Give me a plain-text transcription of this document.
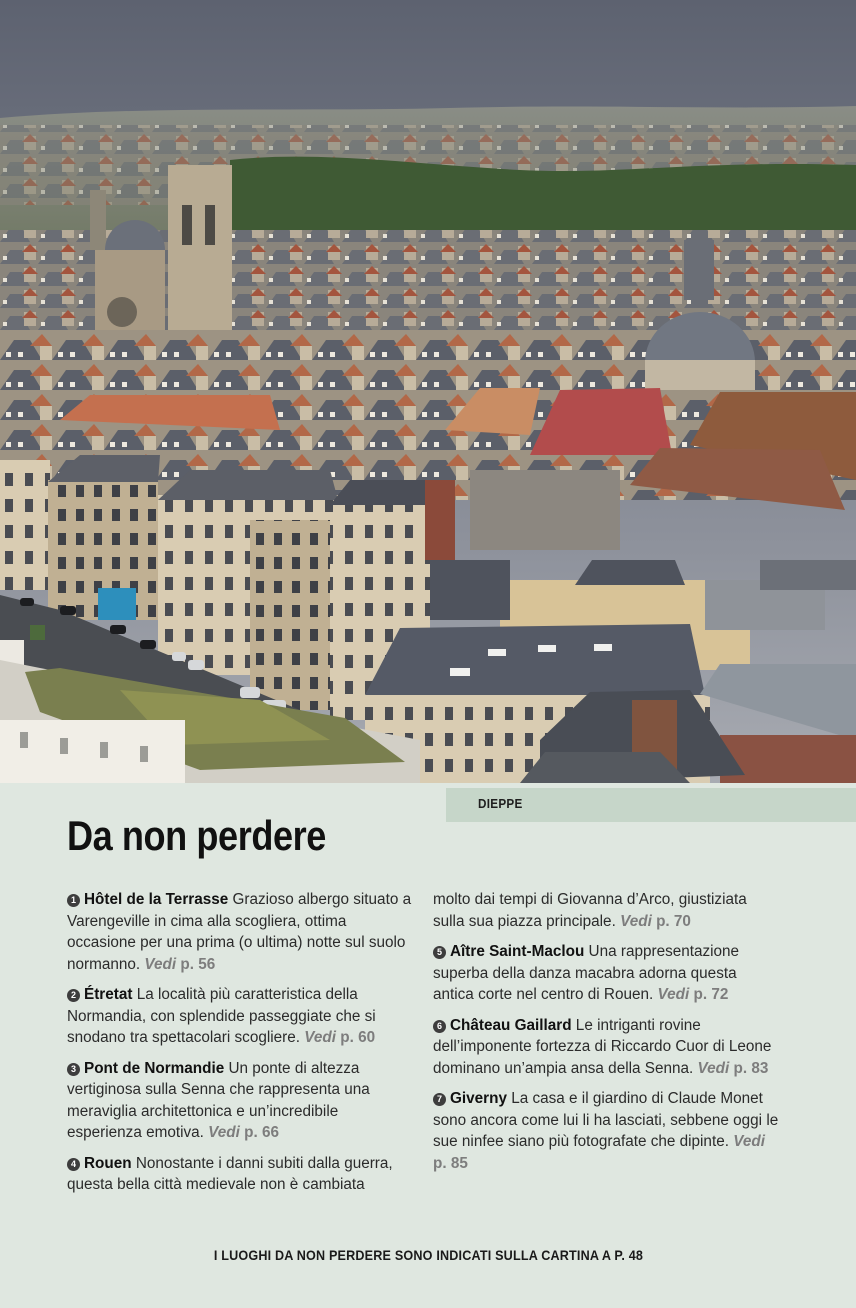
DIEPPE
Da non perdere

1 Hôtel de la Terrasse Grazioso albergo situato a Varengeville in cima alla scogliera, ottima occasione per una prima (o ultima) notte sul suolo normanno. Vedi p. 56

2 Étretat La località più caratteristica della Normandia, con splendide passeggiate che si snodano tra spettacolari scogliere. Vedi p. 60

3 Pont de Normandie Un ponte di altezza vertiginosa sulla Senna che rappresenta una meraviglia architettonica e un’incredibile esperienza emotiva. Vedi p. 66

4 Rouen Nonostante i danni subiti dalla guerra, questa bella città medievale non è cambiata

molto dai tempi di Giovanna d’Arco, giustiziata sulla sua piazza principale. Vedi p. 70

5 Aître Saint-Maclou Una rappresentazione superba della danza macabra adorna questa antica corte nel centro di Rouen. Vedi p. 72

6 Château Gaillard Le intriganti rovine dell’imponente fortezza di Riccardo Cuor di Leone dominano un’ampia ansa della Senna. Vedi p. 83

7 Giverny La casa e il giardino di Claude Monet sono ancora come lui li ha lasciati, sebbene oggi le sue ninfee siano più fotografate che dipinte. Vedi p. 85

I LUOGHI DA NON PERDERE SONO INDICATI SULLA CARTINA A P. 48
